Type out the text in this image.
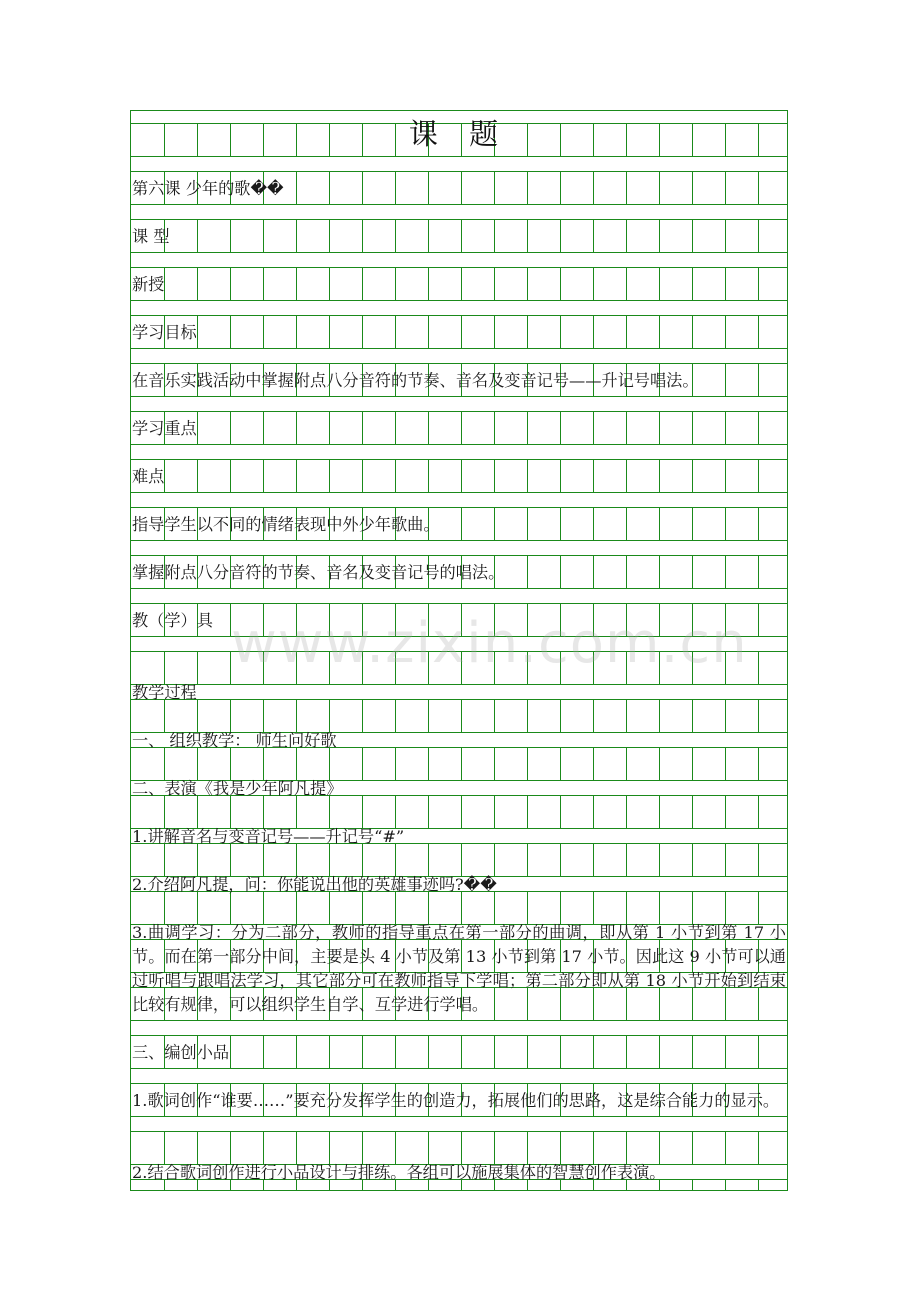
课 题
第六课 少年的歌��
课 型
新授
学习目标
在音乐实践活动中掌握附点八分音符的节奏、音名及变音记号——升记号唱法。
学习重点
难点
指导学生以不同的情绪表现中外少年歌曲。
掌握附点八分音符的节奏、音名及变音记号的唱法。
教（学）具
教学过程
一、 组织教学： 师生问好歌
二、表演《我是少年阿凡提》
1.讲解音名与变音记号——升记号“#”
2.介绍阿凡提，问：你能说出他的英雄事迹吗?��
3.曲调学习：分为二部分，教师的指导重点在第一部分的曲调，即从第 1 小节到第 17 小节。而在第一部分中间，主要是头 4 小节及第 13 小节到第 17 小节。因此这 9 小节可以通过听唱与跟唱法学习，其它部分可在教师指导下学唱；第二部分即从第 18 小节开始到结束比较有规律，可以组织学生自学、互学进行学唱。
三、编创小品
1.歌词创作“谁要……”要充分发挥学生的创造力，拓展他们的思路，这是综合能力的显示。
2.结合歌词创作进行小品设计与排练。各组可以施展集体的智慧创作表演。
www.zixin.com.cn
